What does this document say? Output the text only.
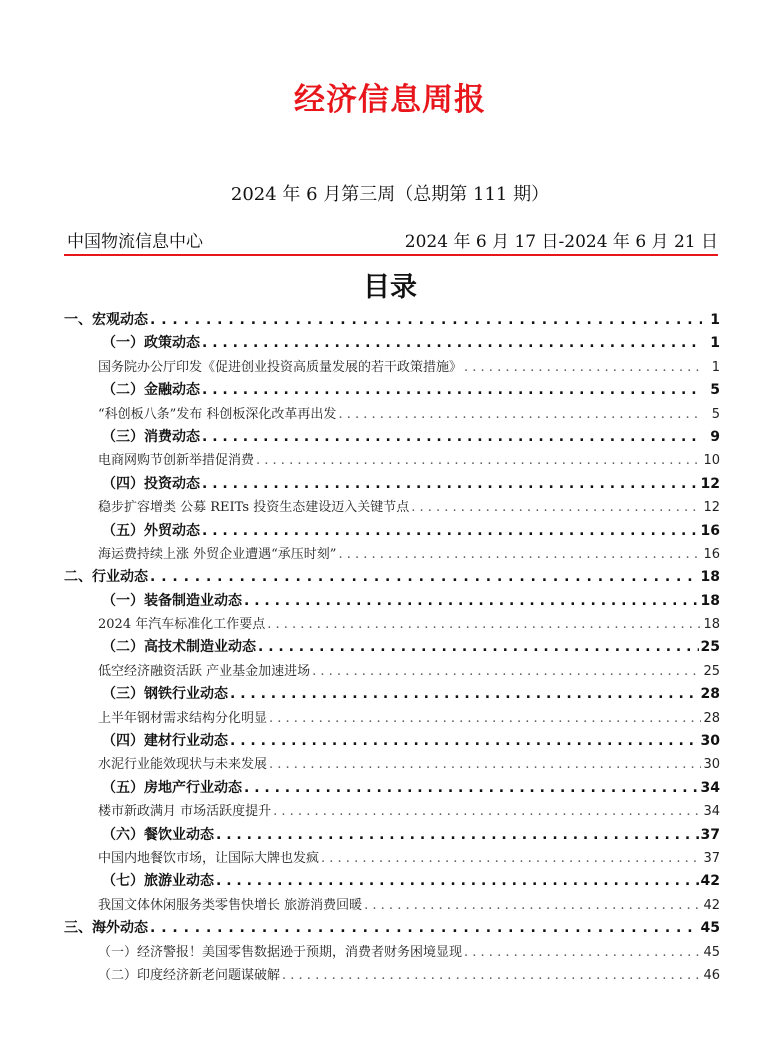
经济信息周报
2024 年 6 月第三周（总期第 111 期）
中国物流信息中心	2024 年 6 月 17 日-2024 年 6 月 21 日
目录
一、宏观动态 . . .	1
（一）政策动态 . . .	1
国务院办公厅印发《促进创业投资高质量发展的若干政策措施》 . . .	1
（二）金融动态 . . .	5
“科创板八条”发布 科创板深化改革再出发 . . .	5
（三）消费动态 . . .	9
电商网购节创新举措促消费 . . .	10
（四）投资动态 . . .	12
稳步扩容增类 公募 REITs 投资生态建设迈入关键节点 . . .	12
（五）外贸动态 . . .	16
海运费持续上涨 外贸企业遭遇“承压时刻” . . .	16
二、行业动态 . . .	18
（一）装备制造业动态 . . .	18
2024 年汽车标准化工作要点 . . .	18
（二）高技术制造业动态 . . .	25
低空经济融资活跃 产业基金加速进场 . . .	25
（三）钢铁行业动态 . . .	28
上半年钢材需求结构分化明显 . . .	28
（四）建材行业动态 . . .	30
水泥行业能效现状与未来发展 . . .	30
（五）房地产行业动态 . . .	34
楼市新政满月 市场活跃度提升 . . .	34
（六）餐饮业动态 . . .	37
中国内地餐饮市场，让国际大牌也发疯 . . .	37
（七）旅游业动态 . . .	42
我国文体休闲服务类零售快增长 旅游消费回暖 . . .	42
三、海外动态 . . .	45
（一）经济警报！美国零售数据逊于预期，消费者财务困境显现 . . .	45
（二）印度经济新老问题谋破解 . . .	46
